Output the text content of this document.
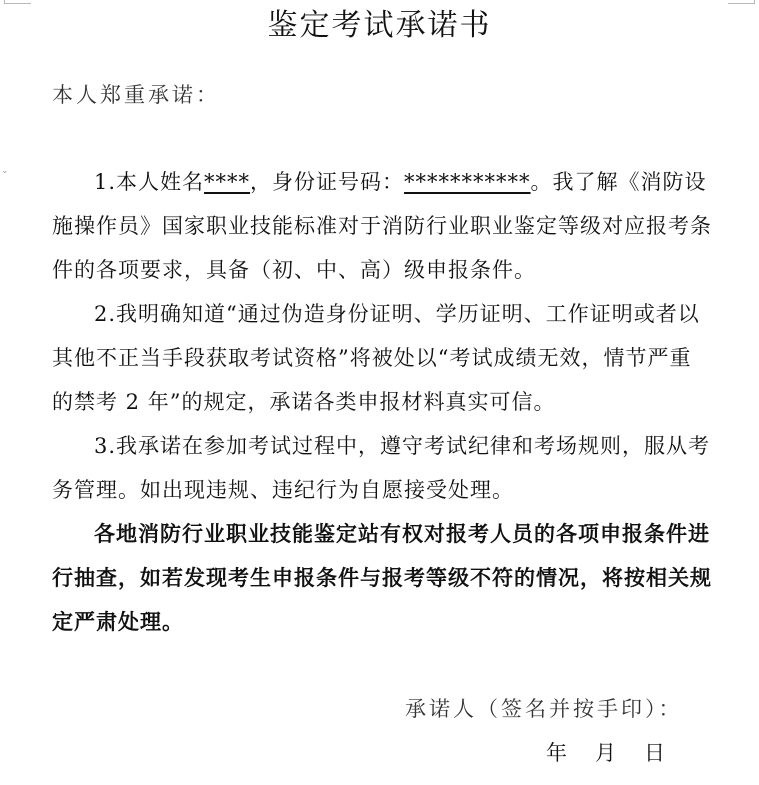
⌄
鉴定考试承诺书
本人郑重承诺：

1.本人姓名****，身份证号码：***********。我了解《消防设施操作员》国家职业技能标准对于消防行业职业鉴定等级对应报考条件的各项要求，具备（初、中、高）级申报条件。

2.我明确知道“通过伪造身份证明、学历证明、工作证明或者以其他不正当手段获取考试资格”将被处以“考试成绩无效，情节严重的禁考 2 年”的规定，承诺各类申报材料真实可信。

3.我承诺在参加考试过程中，遵守考试纪律和考场规则，服从考务管理。如出现违规、违纪行为自愿接受处理。

各地消防行业职业技能鉴定站有权对报考人员的各项申报条件进行抽查，如若发现考生申报条件与报考等级不符的情况，将按相关规定严肃处理。

承诺人（签名并按手印）：
年 月 日
